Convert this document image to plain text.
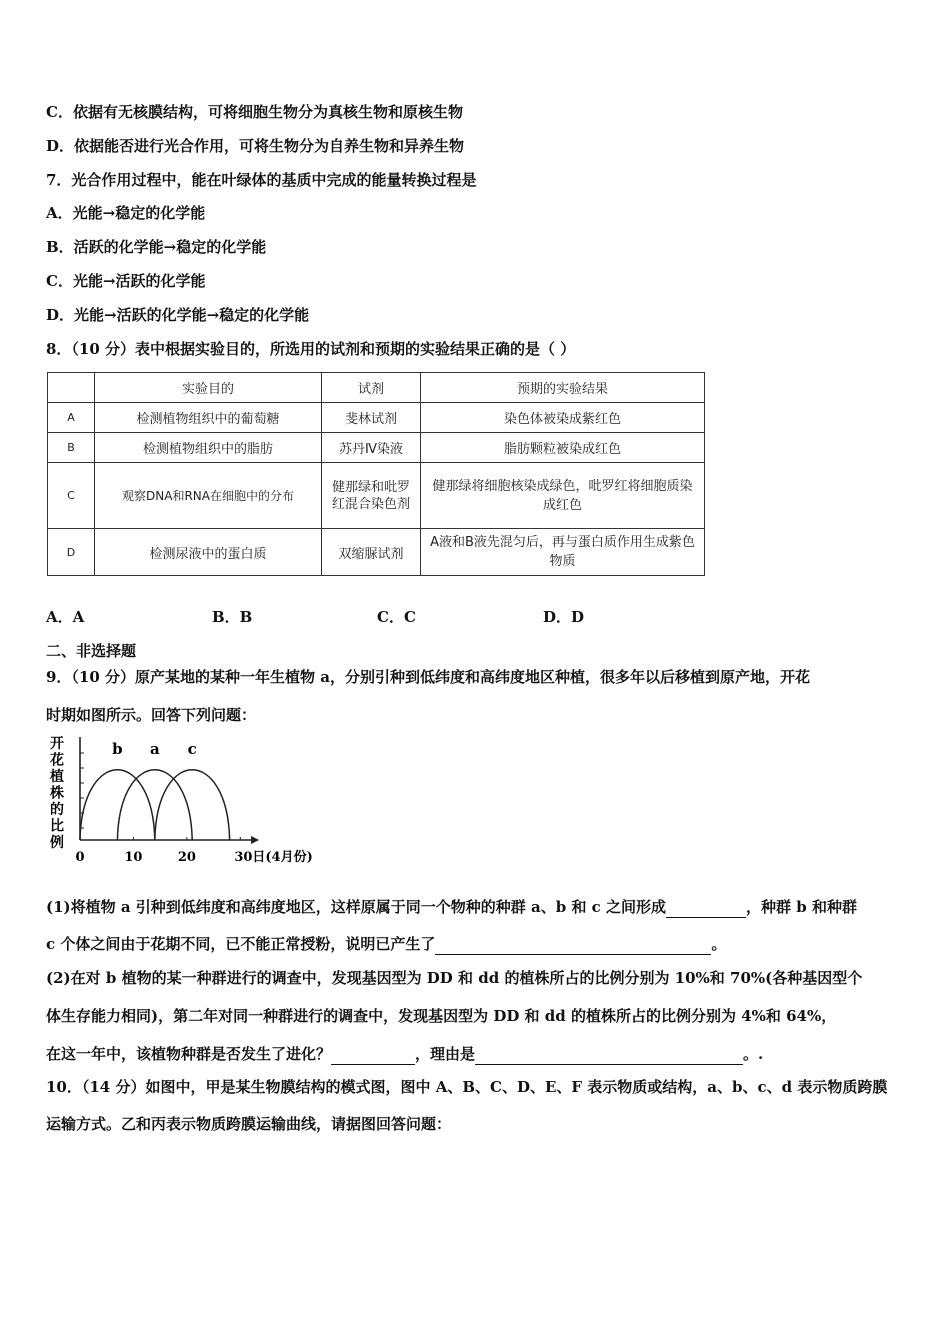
C．依据有无核膜结构，可将细胞生物分为真核生物和原核生物
D．依据能否进行光合作用，可将生物分为自养生物和异养生物
7．光合作用过程中，能在叶绿体的基质中完成的能量转换过程是
A．光能→稳定的化学能
B．活跃的化学能→稳定的化学能
C．光能→活跃的化学能
D．光能→活跃的化学能→稳定的化学能
8．（10 分）表中根据实验目的，所选用的试剂和预期的实验结果正确的是（ ）
	实验目的	试剂	预期的实验结果
A	检测植物组织中的葡萄糖	斐林试剂	染色体被染成紫红色
B	检测植物组织中的脂肪	苏丹Ⅳ染液	脂肪颗粒被染成红色
C	观察DNA和RNA在细胞中的分布	健那绿和吡罗红混合染色剂	健那绿将细胞核染成绿色，吡罗红将细胞质染成红色
D	检测尿液中的蛋白质	双缩脲试剂	A液和B液先混匀后，再与蛋白质作用生成紫色物质
A．A	B．B	C．C	D．D
二、非选择题
9．（10 分）原产某地的某种一年生植物 a，分别引种到低纬度和高纬度地区种植，很多年以后移植到原产地，开花
时期如图所示。回答下列问题：
开
花
植
株
的
比
例
b a c
0	10	20	30日(4月份)
(1)将植物 a 引种到低纬度和高纬度地区，这样原属于同一个物种的种群 a、b 和 c 之间形成	，种群 b 和种群
c 个体之间由于花期不同，已不能正常授粉，说明已产生了	。
(2)在对 b 植物的某一种群进行的调查中，发现基因型为 DD 和 dd 的植株所占的比例分别为 10%和 70%(各种基因型个
体生存能力相同)，第二年对同一种群进行的调查中，发现基因型为 DD 和 dd 的植株所占的比例分别为 4%和 64%，
在这一年中，该植物种群是否发生了进化？	，理由是	。.
10．（14 分）如图中，甲是某生物膜结构的模式图，图中 A、B、C、D、E、F 表示物质或结构，a、b、c、d 表示物质跨膜
运输方式。乙和丙表示物质跨膜运输曲线，请据图回答问题：
